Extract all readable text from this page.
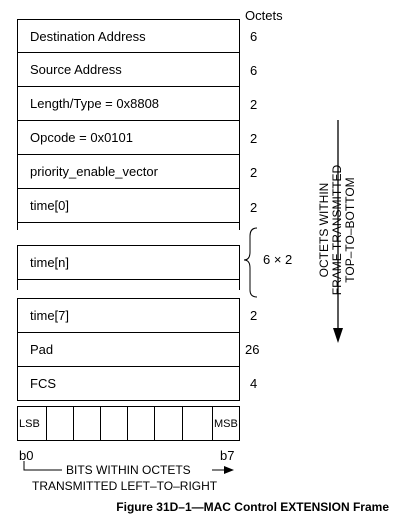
Octets
Destination Address
Source Address
Length/Type = 0x8808
Opcode = 0x0101
priority_enable_vector
time[0]
time[n]
time[7]
Pad
FCS
6
6
2
2
2
2
2
26
4
6 × 2 OCTETS WITHIN FRAME TRANSMITTED TOP–TO–BOTTOM
LSB	MSB
b0	b7
BITS WITHIN OCTETS
TRANSMITTED LEFT–TO–RIGHT
Figure 31D–1—MAC Control EXTENSION Frame
